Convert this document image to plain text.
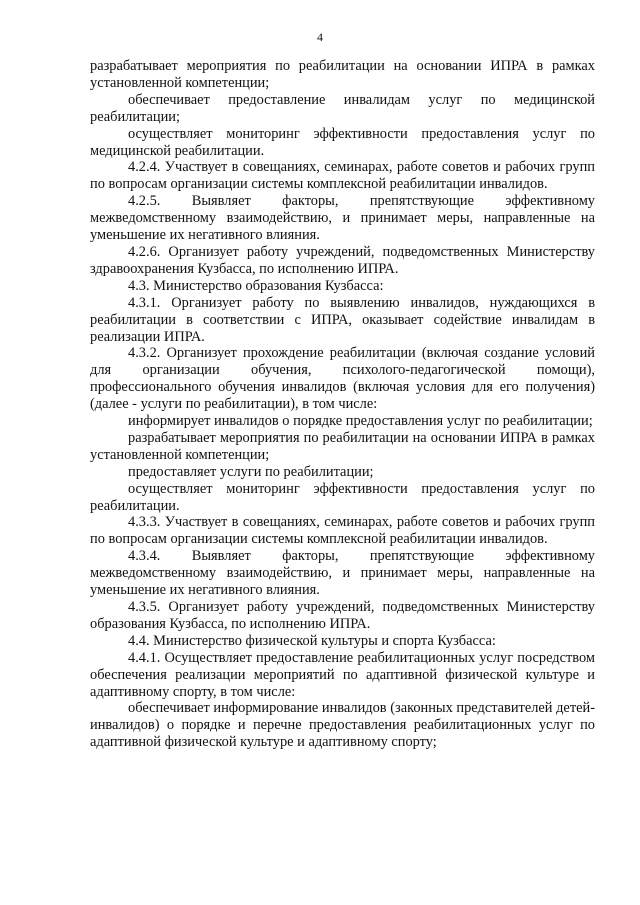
4

разрабатывает мероприятия по реабилитации на основании ИПРА в рамках установленной компетенции;

обеспечивает предоставление инвалидам услуг по медицинской реабилитации;

осуществляет мониторинг эффективности предоставления услуг по медицинской реабилитации.

4.2.4. Участвует в совещаниях, семинарах, работе советов и рабочих групп по вопросам организации системы комплексной реабилитации инвалидов.

4.2.5. Выявляет факторы, препятствующие эффективному межведомственному взаимодействию, и принимает меры, направленные на уменьшение их негативного влияния.

4.2.6. Организует работу учреждений, подведомственных Министерству здравоохранения Кузбасса, по исполнению ИПРА.

4.3. Министерство образования Кузбасса:

4.3.1. Организует работу по выявлению инвалидов, нуждающихся в реабилитации в соответствии с ИПРА, оказывает содействие инвалидам в реализации ИПРА.

4.3.2. Организует прохождение реабилитации (включая создание условий для организации обучения, психолого-педагогической помощи), профессионального обучения инвалидов (включая условия для его получения) (далее - услуги по реабилитации), в том числе:

информирует инвалидов о порядке предоставления услуг по реабилитации;

разрабатывает мероприятия по реабилитации на основании ИПРА в рамках установленной компетенции;

предоставляет услуги по реабилитации;

осуществляет мониторинг эффективности предоставления услуг по реабилитации.

4.3.3. Участвует в совещаниях, семинарах, работе советов и рабочих групп по вопросам организации системы комплексной реабилитации инвалидов.

4.3.4. Выявляет факторы, препятствующие эффективному межведомственному взаимодействию, и принимает меры, направленные на уменьшение их негативного влияния.

4.3.5. Организует работу учреждений, подведомственных Министерству образования Кузбасса, по исполнению ИПРА.

4.4. Министерство физической культуры и спорта Кузбасса:

4.4.1. Осуществляет предоставление реабилитационных услуг посредством обеспечения реализации мероприятий по адаптивной физической культуре и адаптивному спорту, в том числе:

обеспечивает информирование инвалидов (законных представителей детей-инвалидов) о порядке и перечне предоставления реабилитационных услуг по адаптивной физической культуре и адаптивному спорту;
